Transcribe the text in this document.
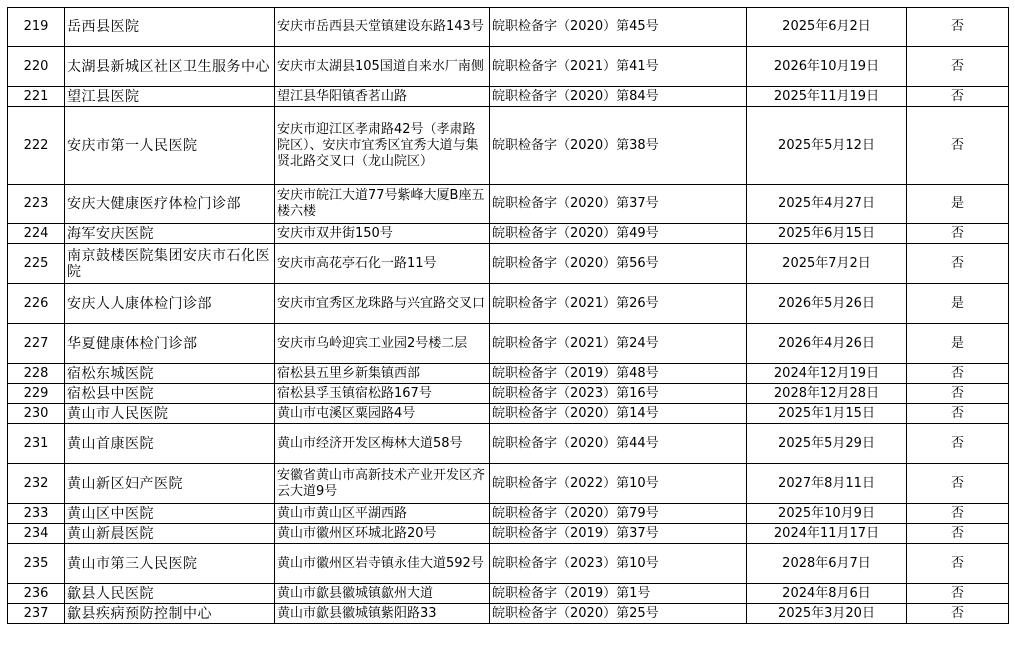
219	岳西县医院	安庆市岳西县天堂镇建设东路143号	皖职检备字（2020）第45号	2025年6月2日	否
220	太湖县新城区社区卫生服务中心	安庆市太湖县105国道自来水厂南侧	皖职检备字（2021）第41号	2026年10月19日	否
221	望江县医院	望江县华阳镇香茗山路	皖职检备字（2020）第84号	2025年11月19日	否
222	安庆市第一人民医院	安庆市迎江区孝肃路42号（孝肃路院区）、安庆市宜秀区宜秀大道与集贤北路交叉口（龙山院区）	皖职检备字（2020）第38号	2025年5月12日	否
223	安庆大健康医疗体检门诊部	安庆市皖江大道77号紫峰大厦B座五楼六楼	皖职检备字（2020）第37号	2025年4月27日	是
224	海军安庆医院	安庆市双井街150号	皖职检备字（2020）第49号	2025年6月15日	否
225	南京鼓楼医院集团安庆市石化医院	安庆市高花亭石化一路11号	皖职检备字（2020）第56号	2025年7月2日	否
226	安庆人人康体检门诊部	安庆市宜秀区龙珠路与兴宜路交叉口	皖职检备字（2021）第26号	2026年5月26日	是
227	华夏健康体检门诊部	安庆市乌岭迎宾工业园2号楼二层	皖职检备字（2021）第24号	2026年4月26日	是
228	宿松东城医院	宿松县五里乡新集镇西部	皖职检备字（2019）第48号	2024年12月19日	否
229	宿松县中医院	宿松县孚玉镇宿松路167号	皖职检备字（2023）第16号	2028年12月28日	否
230	黄山市人民医院	黄山市屯溪区粟园路4号	皖职检备字（2020）第14号	2025年1月15日	否
231	黄山首康医院	黄山市经济开发区梅林大道58号	皖职检备字（2020）第44号	2025年5月29日	否
232	黄山新区妇产医院	安徽省黄山市高新技术产业开发区齐云大道9号	皖职检备字（2022）第10号	2027年8月11日	否
233	黄山区中医院	黄山市黄山区平湖西路	皖职检备字（2020）第79号	2025年10月9日	否
234	黄山新晨医院	黄山市徽州区环城北路20号	皖职检备字（2019）第37号	2024年11月17日	否
235	黄山市第三人民医院	黄山市徽州区岩寺镇永佳大道592号	皖职检备字（2023）第10号	2028年6月7日	否
236	歙县人民医院	黄山市歙县徽城镇歙州大道	皖职检备字（2019）第1号	2024年8月6日	否
237	歙县疾病预防控制中心	黄山市歙县徽城镇紫阳路33	皖职检备字（2020）第25号	2025年3月20日	否
